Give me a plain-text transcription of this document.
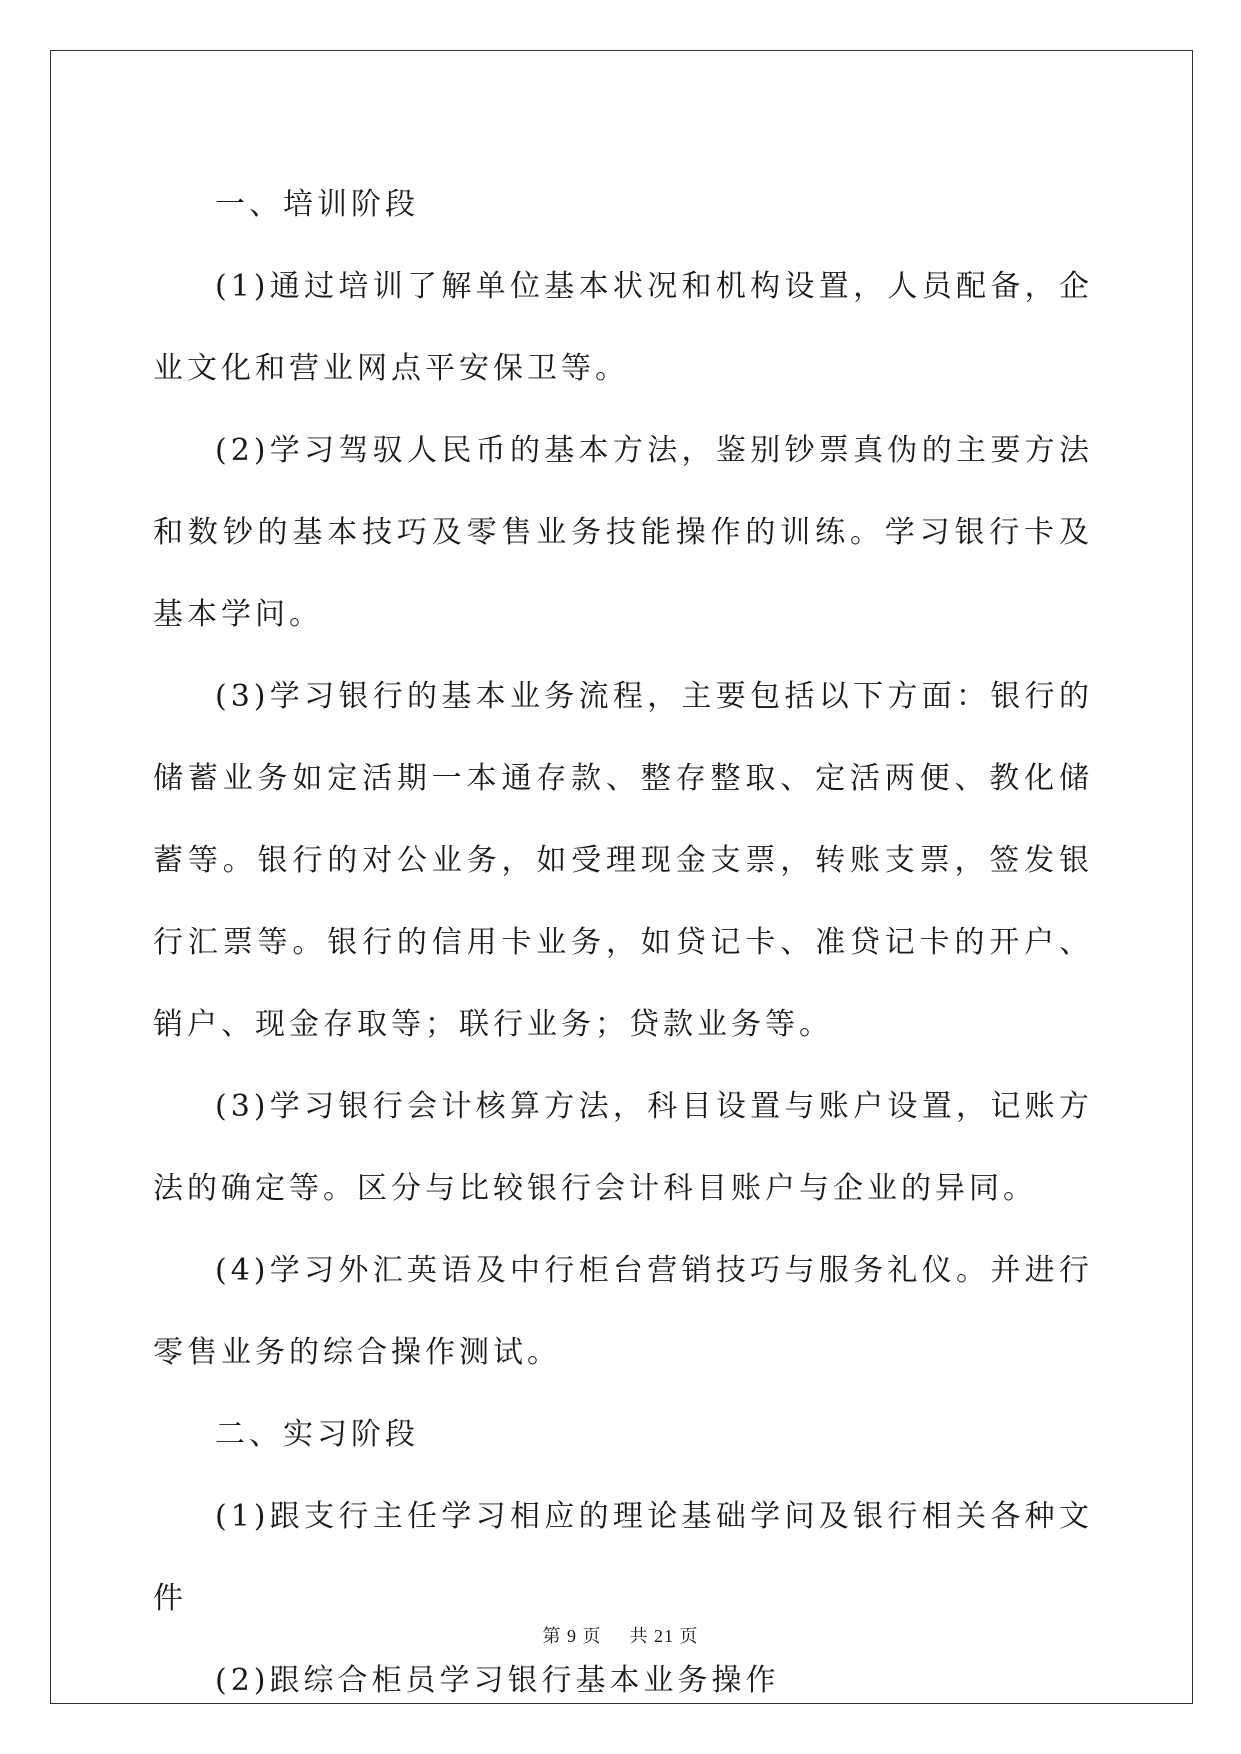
一、培训阶段

(1)通过培训了解单位基本状况和机构设置，人员配备，企业文化和营业网点平安保卫等。

(2)学习驾驭人民币的基本方法，鉴别钞票真伪的主要方法和数钞的基本技巧及零售业务技能操作的训练。学习银行卡及基本学问。

(3)学习银行的基本业务流程，主要包括以下方面：银行的储蓄业务如定活期一本通存款、整存整取、定活两便、教化储蓄等。银行的对公业务，如受理现金支票，转账支票，签发银行汇票等。银行的信用卡业务，如贷记卡、准贷记卡的开户、销户、现金存取等；联行业务；贷款业务等。

(3)学习银行会计核算方法，科目设置与账户设置，记账方法的确定等。区分与比较银行会计科目账户与企业的异同。

(4)学习外汇英语及中行柜台营销技巧与服务礼仪。并进行零售业务的综合操作测试。

二、实习阶段

(1)跟支行主任学习相应的理论基础学问及银行相关各种文件

(2)跟综合柜员学习银行基本业务操作

第 9 页 共 21 页
